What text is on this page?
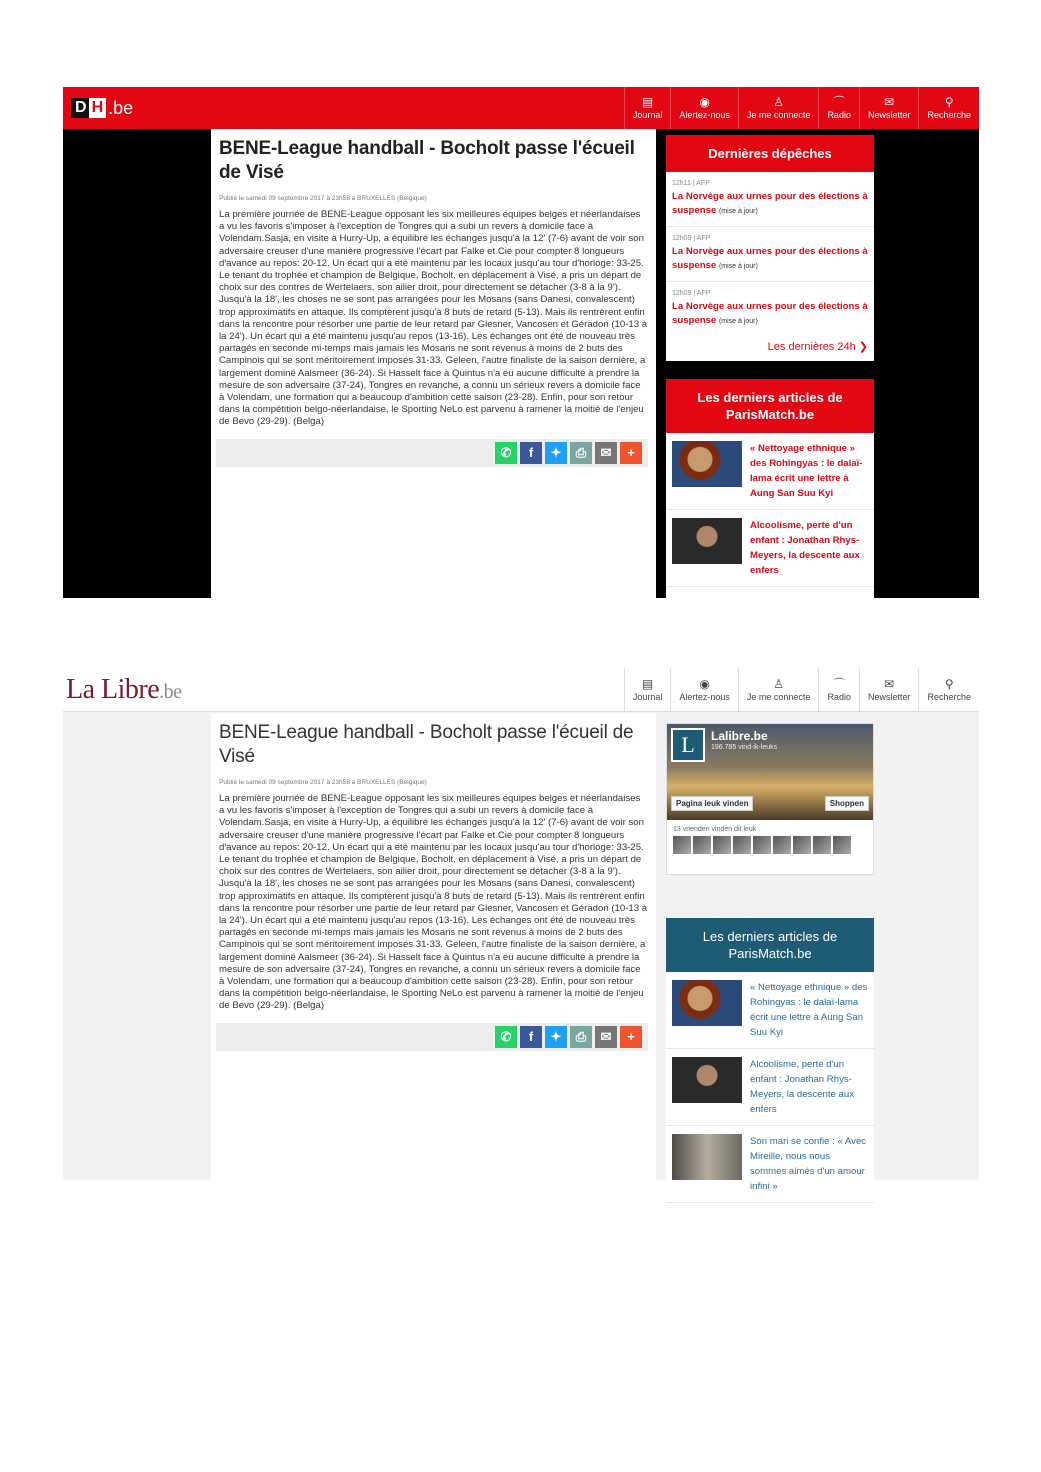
D H .be	▤
Journal
◉
Alertez-nous
♙
Je me connecte
⌒
Radio
✉
Newsletter
⚲
Recherche
BENE-League handball - Bocholt passe l'écueil de Visé
Publié le samedi 09 septembre 2017 à 23h58 à BRUXELLES (Belgique)

La première journée de BENE-League opposant les six meilleures équipes belges et néerlandaises a vu les favoris s'imposer à l'exception de Tongres qui a subi un revers à domicile face à Volendam.Sasja, en visite à Hurry-Up, a équilibré les échanges jusqu'à la 12' (7-6) avant de voir son adversaire creuser d'une manière progressive l'écart par Falke et Cie pour compter 8 longueurs d'avance au repos: 20-12. Un écart qui a été maintenu par les locaux jusqu'au tour d'horloge: 33-25. Le tenant du trophée et champion de Belgique, Bocholt, en déplacement à Visé, a pris un départ de choix sur des contres de Wertelaers, son ailier droit, pour directement se détacher (3-8 à la 9'). Jusqu'à la 18', les choses ne se sont pas arrangées pour les Mosans (sans Danesi, convalescent) trop approximatifs en attaque. Ils comptèrent jusqu'à 8 buts de retard (5-13). Mais ils rentrèrent enfin dans la rencontre pour résorber une partie de leur retard par Glesner, Vancosen et Géradon (10-13 à la 24'). Un écart qui a été maintenu jusqu'au repos (13-16). Les échanges ont été de nouveau très partagés en seconde mi-temps mais jamais les Mosans ne sont revenus à moins de 2 buts des Campinois qui se sont méritoirement imposés 31-33. Geleen, l'autre finaliste de la saison dernière, a largement dominé Aalsmeer (36-24). Si Hasselt face à Quintus n'a eu aucune difficulté à prendre la mesure de son adversaire (37-24), Tongres en revanche, a connu un sérieux revers à domicile face à Volendam, une formation qui a beaucoup d'ambition cette saison (23-28). Enfin, pour son retour dans la compétition belgo-néerlandaise, le Sporting NeLo est parvenu à ramener la moitié de l'enjeu de Bevo (29-29). (Belga)

✆	f	✦	⎙	✉	+
Dernières dépêches
12h11 | AFP
La Norvège aux urnes pour des élections à suspense (mise à jour)
12h09 | AFP
La Norvège aux urnes pour des élections à suspense (mise à jour)
12h09 | AFP
La Norvège aux urnes pour des élections à suspense (mise à jour)
Les dernières 24h ❯
Les derniers articles de ParisMatch.be
« Nettoyage ethnique » des Rohingyas : le dalaï-lama écrit une lettre à Aung San Suu Kyi
Alcoolisme, perte d'un enfant : Jonathan Rhys-Meyers, la descente aux enfers
La Libre.be	▤
Journal
◉
Alertez-nous
♙
Je me connecte
⌒
Radio
✉
Newsletter
⚲
Recherche
BENE-League handball - Bocholt passe l'écueil de Visé
Publié le samedi 09 septembre 2017 à 23h58 à BRUXELLES (Belgique)

La première journée de BENE-League opposant les six meilleures équipes belges et néerlandaises a vu les favoris s'imposer à l'exception de Tongres qui a subi un revers à domicile face à Volendam.Sasja, en visite à Hurry-Up, a équilibré les échanges jusqu'à la 12' (7-6) avant de voir son adversaire creuser d'une manière progressive l'écart par Falke et Cie pour compter 8 longueurs d'avance au repos: 20-12. Un écart qui a été maintenu par les locaux jusqu'au tour d'horloge: 33-25. Le tenant du trophée et champion de Belgique, Bocholt, en déplacement à Visé, a pris un départ de choix sur des contres de Wertelaers, son ailier droit, pour directement se détacher (3-8 à la 9'). Jusqu'à la 18', les choses ne se sont pas arrangées pour les Mosans (sans Danesi, convalescent) trop approximatifs en attaque. Ils comptèrent jusqu'à 8 buts de retard (5-13). Mais ils rentrèrent enfin dans la rencontre pour résorber une partie de leur retard par Glesner, Vancosen et Géradon (10-13 à la 24'). Un écart qui a été maintenu jusqu'au repos (13-16). Les échanges ont été de nouveau très partagés en seconde mi-temps mais jamais les Mosans ne sont revenus à moins de 2 buts des Campinois qui se sont méritoirement imposés 31-33. Geleen, l'autre finaliste de la saison dernière, a largement dominé Aalsmeer (36-24). Si Hasselt face à Quintus n'a eu aucune difficulté à prendre la mesure de son adversaire (37-24), Tongres en revanche, a connu un sérieux revers à domicile face à Volendam, une formation qui a beaucoup d'ambition cette saison (23-28). Enfin, pour son retour dans la compétition belgo-néerlandaise, le Sporting NeLo est parvenu à ramener la moitié de l'enjeu de Bevo (29-29). (Belga)

✆	f	✦	⎙	✉	+
L	Lalibre.be
196.785 vind-ik-leuks
Pagina leuk vinden	Shoppen
13 vrienden vinden dit leuk
Les derniers articles de ParisMatch.be
« Nettoyage ethnique » des Rohingyas : le dalaï-lama écrit une lettre à Aung San Suu Kyi
Alcoolisme, perte d'un enfant : Jonathan Rhys-Meyers, la descente aux enfers
Son mari se confie : « Avec Mireille, nous nous sommes aimés d'un amour infini »
